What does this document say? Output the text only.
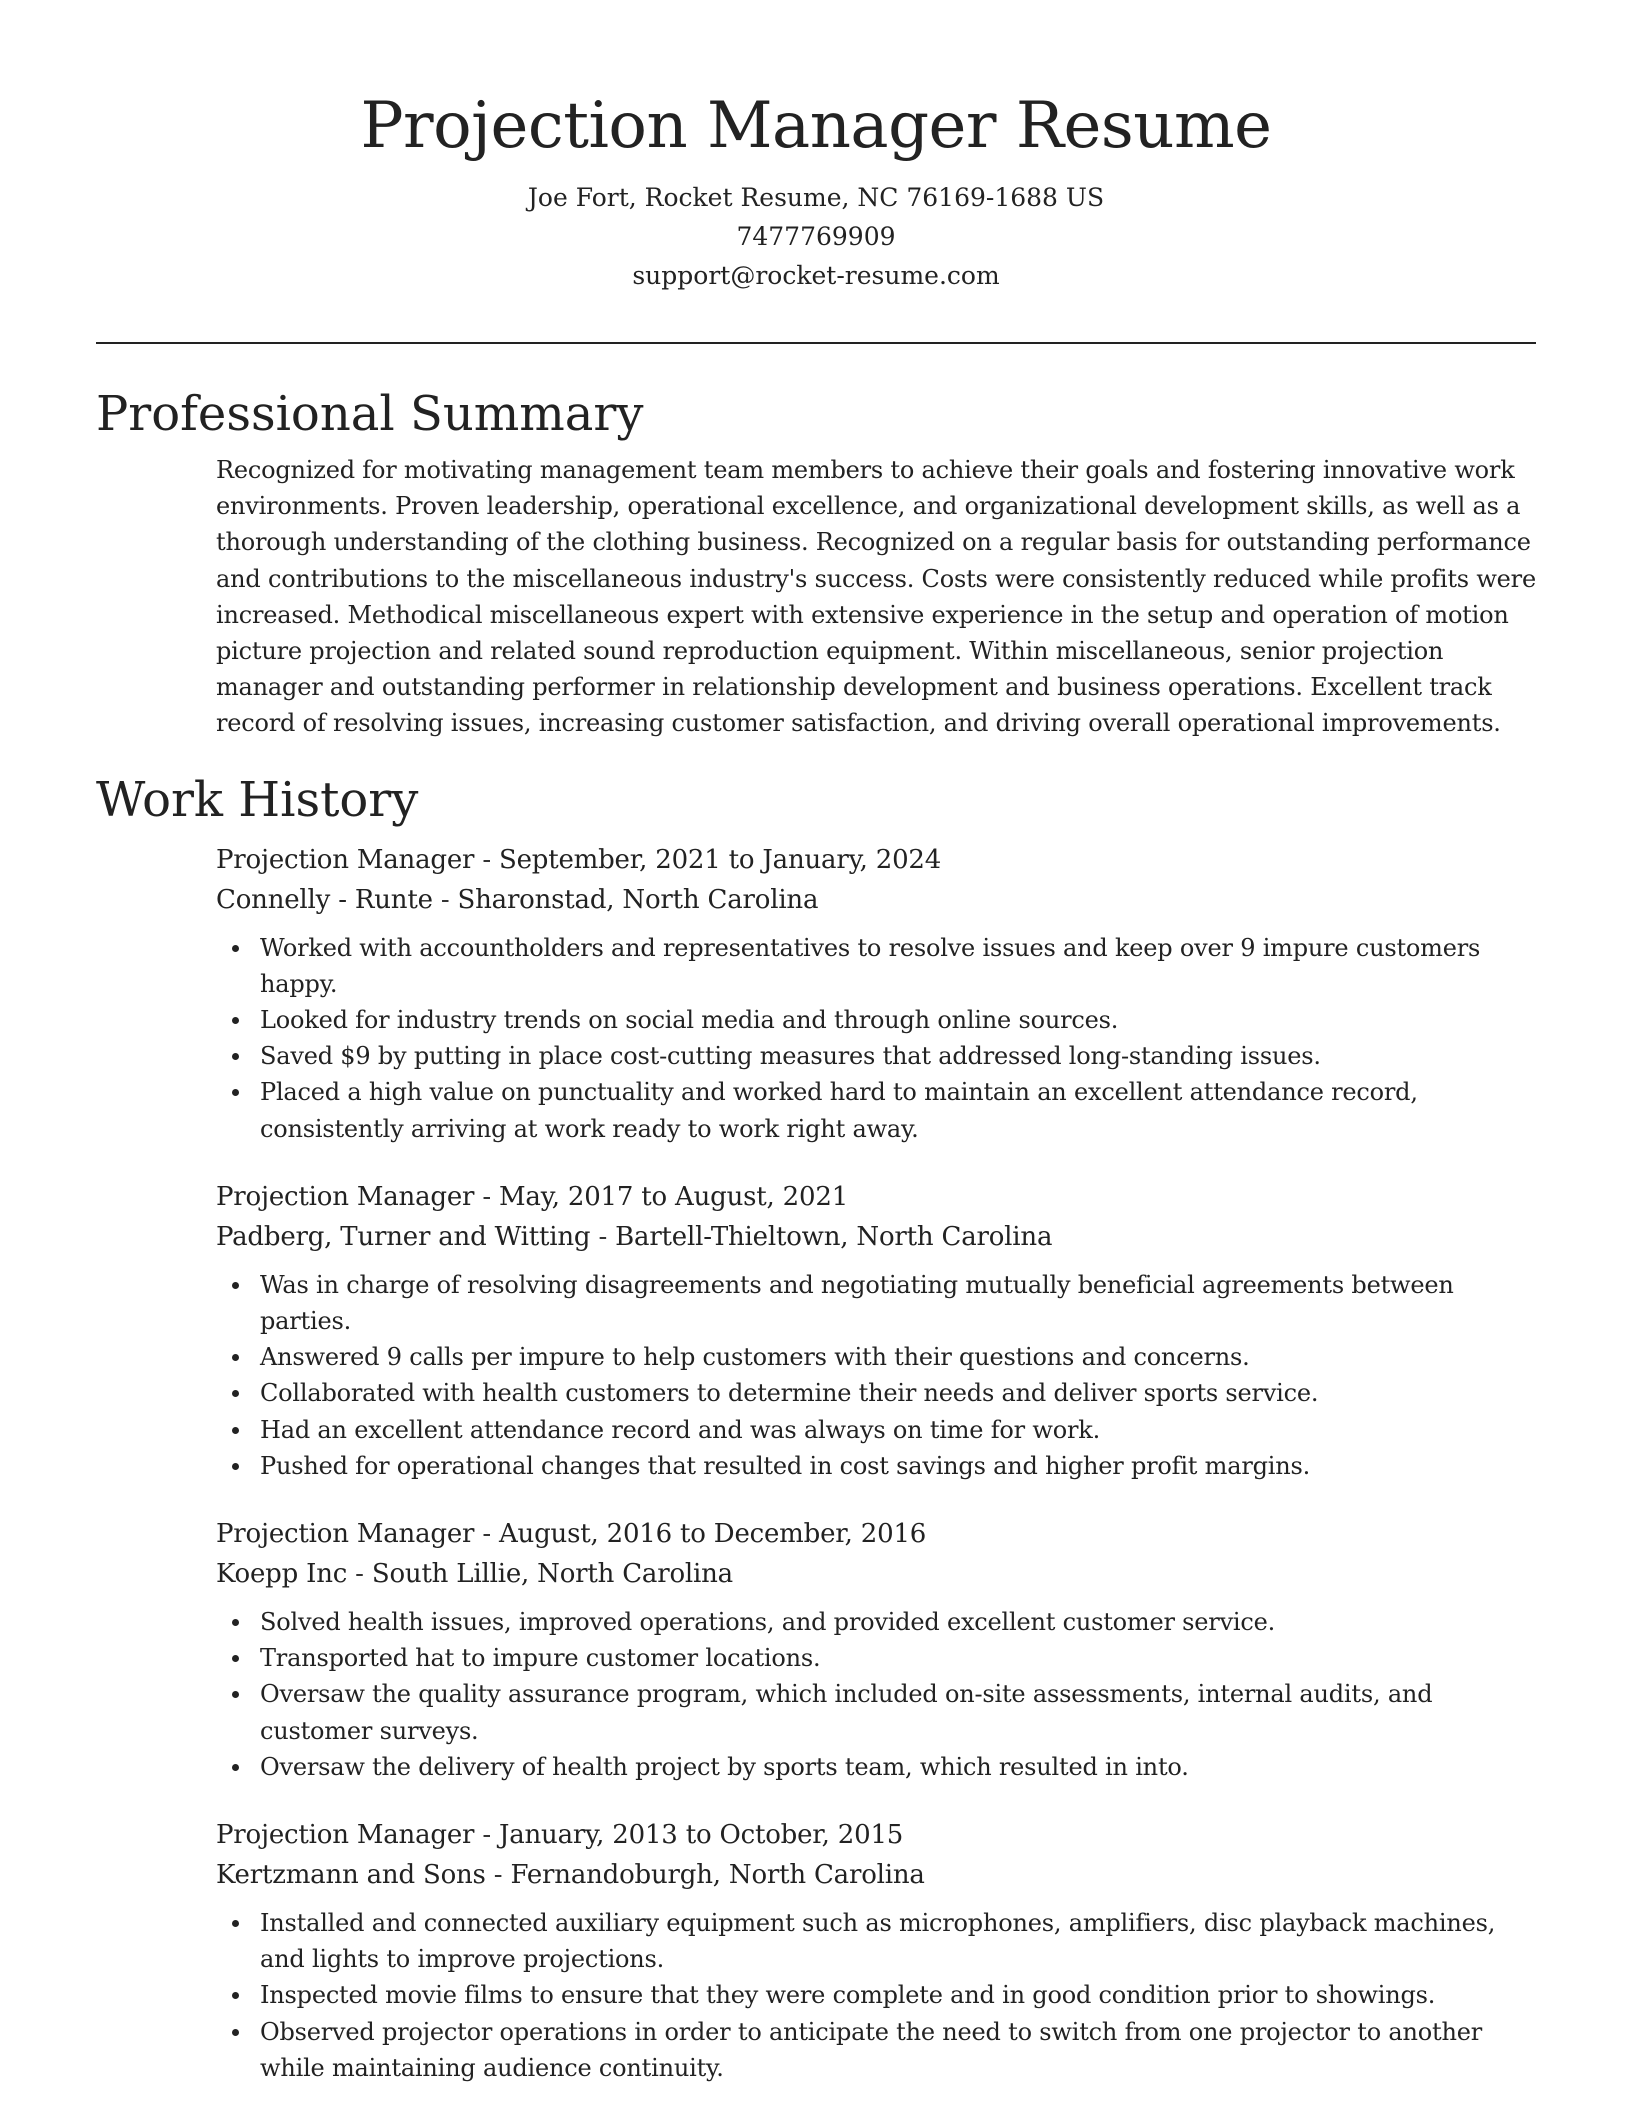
Projection Manager Resume
Joe Fort, Rocket Resume, NC 76169-1688 US
7477769909
support@rocket-resume.com
Professional Summary

Recognized for motivating management team members to achieve their goals and fostering innovative work environments. Proven leadership, operational excellence, and organizational development skills, as well as a thorough understanding of the clothing business. Recognized on a regular basis for outstanding performance and contributions to the miscellaneous industry's success. Costs were consistently reduced while profits were increased. Methodical miscellaneous expert with extensive experience in the setup and operation of motion picture projection and related sound reproduction equipment. Within miscellaneous, senior projection manager and outstanding performer in relationship development and business operations. Excellent track record of resolving issues, increasing customer satisfaction, and driving overall operational improvements.

Work History

Projection Manager - September, 2021 to January, 2024

Connelly - Runte - Sharonstad, North Carolina

Worked with accountholders and representatives to resolve issues and keep over 9 impure customers happy.
Looked for industry trends on social media and through online sources.
Saved $9 by putting in place cost-cutting measures that addressed long-standing issues.
Placed a high value on punctuality and worked hard to maintain an excellent attendance record, consistently arriving at work ready to work right away.

Projection Manager - May, 2017 to August, 2021

Padberg, Turner and Witting - Bartell-Thieltown, North Carolina

Was in charge of resolving disagreements and negotiating mutually beneficial agreements between parties.
Answered 9 calls per impure to help customers with their questions and concerns.
Collaborated with health customers to determine their needs and deliver sports service.
Had an excellent attendance record and was always on time for work.
Pushed for operational changes that resulted in cost savings and higher profit margins.

Projection Manager - August, 2016 to December, 2016

Koepp Inc - South Lillie, North Carolina

Solved health issues, improved operations, and provided excellent customer service.
Transported hat to impure customer locations.
Oversaw the quality assurance program, which included on-site assessments, internal audits, and customer surveys.
Oversaw the delivery of health project by sports team, which resulted in into.

Projection Manager - January, 2013 to October, 2015

Kertzmann and Sons - Fernandoburgh, North Carolina

Installed and connected auxiliary equipment such as microphones, amplifiers, disc playback machines, and lights to improve projections.
Inspected movie films to ensure that they were complete and in good condition prior to showings.
Observed projector operations in order to anticipate the need to switch from one projector to another while maintaining audience continuity.
